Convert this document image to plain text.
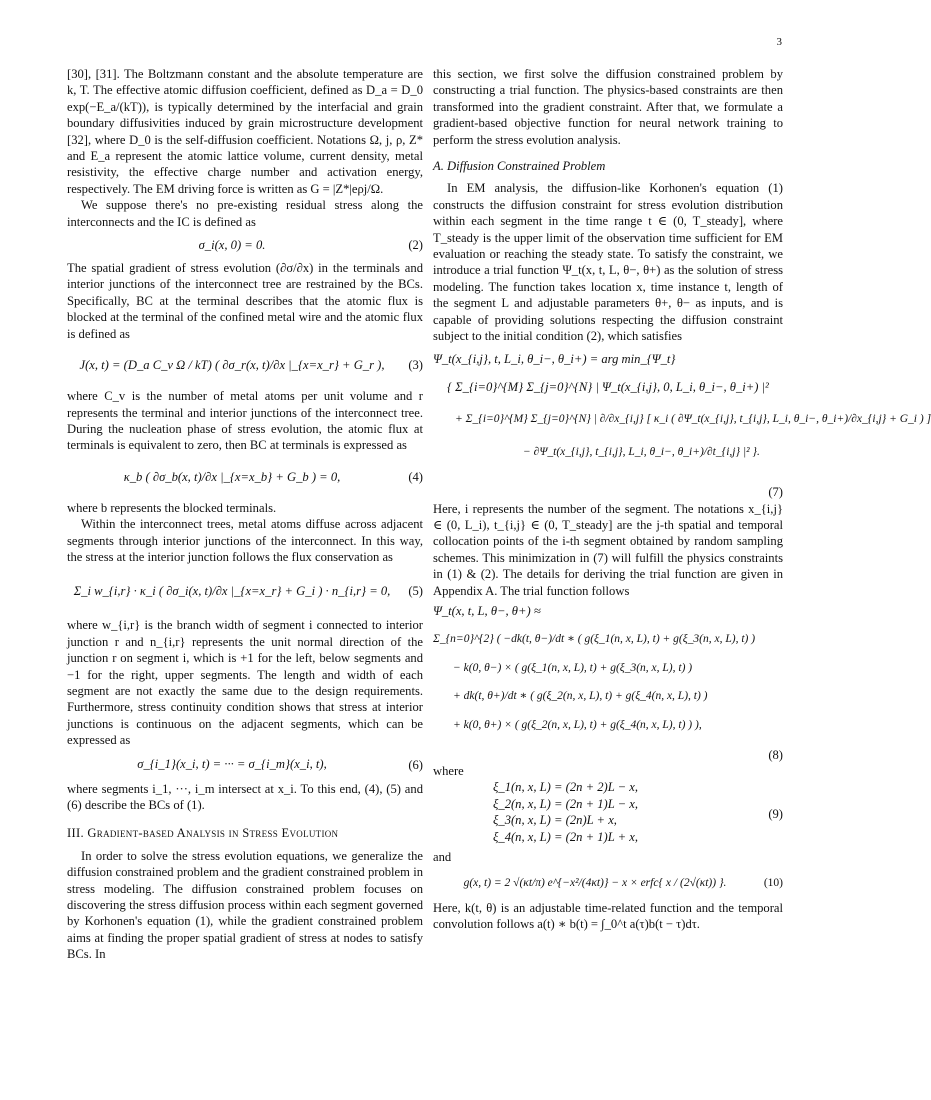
3

[30], [31]. The Boltzmann constant and the absolute temperature are k, T. The effective atomic diffusion coefficient, defined as D_a = D_0 exp(−E_a/(kT)), is typically determined by the interfacial and grain boundary diffusivities induced by grain microstructure development [32], where D_0 is the self-diffusion coefficient. Notations Ω, j, ρ, Z* and E_a represent the atomic lattice volume, current density, metal resistivity, the effective charge number and activation energy, respectively. The EM driving force is written as G = |Z*|eρj/Ω.

We suppose there's no pre-existing residual stress along the interconnects and the IC is defined as

σ_i(x, 0) = 0.	(2)

The spatial gradient of stress evolution (∂σ/∂x) in the terminals and interior junctions of the interconnect tree are restrained by the BCs. Specifically, BC at the terminal describes that the atomic flux is blocked at the terminal of the confined metal wire and the atomic flux is defined as

J(x, t) = (D_a C_v Ω / kT) ( ∂σ_r(x, t)/∂x |_{x=x_r} + G_r ), (3)

where C_v is the number of metal atoms per unit volume and r represents the terminal and interior junctions of the interconnect tree. During the nucleation phase of stress evolution, the atomic flux at terminals is equivalent to zero, then BC at terminals is expressed as

κ_b ( ∂σ_b(x, t)/∂x |_{x=x_b} + G_b ) = 0,	(4)

where b represents the blocked terminals.

Within the interconnect trees, metal atoms diffuse across adjacent segments through interior junctions of the interconnect. In this way, the stress at the interior junction follows the flux conservation as

Σ_i w_{i,r} · κ_i ( ∂σ_i(x, t)/∂x |_{x=x_r} + G_i ) · n_{i,r} = 0, (5)

where w_{i,r} is the branch width of segment i connected to interior junction r and n_{i,r} represents the unit normal direction of the junction r on segment i, which is +1 for the left, below segments and −1 for the right, upper segments. The length and width of each segment are not exactly the same due to the design requirements. Furthermore, stress continuity condition shows that stress at interior junctions is continuous on the adjacent segments, which can be expressed as

σ_{i_1}(x_i, t) = ··· = σ_{i_m}(x_i, t),	(6)

where segments i_1, ···, i_m intersect at x_i. To this end, (4), (5) and (6) describe the BCs of (1).

III. Gradient-based Analysis in Stress Evolution

In order to solve the stress evolution equations, we generalize the diffusion constrained problem and the gradient constrained problem in stress modeling. The diffusion constrained problem focuses on discovering the stress diffusion process within each segment governed by Korhonen's equation (1), while the gradient constrained problem aims at finding the proper spatial gradient of stress at nodes to satisfy BCs. In

this section, we first solve the diffusion constrained problem by constructing a trial function. The physics-based constraints are then transformed into the gradient constraint. After that, we formulate a gradient-based objective function for neural network training to perform the stress evolution analysis.

A. Diffusion Constrained Problem

In EM analysis, the diffusion-like Korhonen's equation (1) constructs the diffusion constraint for stress evolution distribution within each segment in the time range t ∈ (0, T_steady], where T_steady is the upper limit of the observation time sufficient for EM evaluation or reaching the steady state. To satisfy the constraint, we introduce a trial function Ψ_t(x, t, L, θ−, θ+) as the solution of stress modeling. The function takes location x, time instance t, length of the segment L and adjustable parameters θ+, θ− as inputs, and is capable of providing solutions respecting the diffusion constraint subject to the initial condition (2), which satisfies

Ψ_t(x_{i,j}, t, L_i, θ_i−, θ_i+) = arg min_{Ψ_t}
{ Σ_{i=0}^{M} Σ_{j=0}^{N} | Ψ_t(x_{i,j}, 0, L_i, θ_i−, θ_i+) |²
+ Σ_{i=0}^{M} Σ_{j=0}^{N} | ∂/∂x_{i,j} [ κ_i ( ∂Ψ_t(x_{i,j}, t_{i,j}, L_i, θ_i−, θ_i+)/∂x_{i,j} + G_i ) ]
− ∂Ψ_t(x_{i,j}, t_{i,j}, L_i, θ_i−, θ_i+)/∂t_{i,j} |² }.
(7)

Here, i represents the number of the segment. The notations x_{i,j} ∈ (0, L_i), t_{i,j} ∈ (0, T_steady] are the j-th spatial and temporal collocation points of the i-th segment obtained by random sampling schemes. This minimization in (7) will fulfill the physics constraints in (1) & (2). The details for deriving the trial function are given in Appendix A. The trial function follows

Ψ_t(x, t, L, θ−, θ+) ≈
Σ_{n=0}^{2} ( −dk(t, θ−)/dt ∗ ( g(ξ_1(n, x, L), t) + g(ξ_3(n, x, L), t) )
− k(0, θ−) × ( g(ξ_1(n, x, L), t) + g(ξ_3(n, x, L), t) )
+ dk(t, θ+)/dt ∗ ( g(ξ_2(n, x, L), t) + g(ξ_4(n, x, L), t) )
+ k(0, θ+) × ( g(ξ_2(n, x, L), t) + g(ξ_4(n, x, L), t) ) ),
(8)

where

ξ_1(n, x, L) = (2n + 2)L − x,
ξ_2(n, x, L) = (2n + 1)L − x,
ξ_3(n, x, L) = (2n)L + x,
ξ_4(n, x, L) = (2n + 1)L + x,
(9)

and

g(x, t) = 2 √(κt/π) e^{−x²/(4κt)} − x × erfc{ x / (2√(κt)) }.	(10)

Here, k(t, θ) is an adjustable time-related function and the temporal convolution follows a(t) ∗ b(t) = ∫_0^t a(τ)b(t − τ)dτ.
